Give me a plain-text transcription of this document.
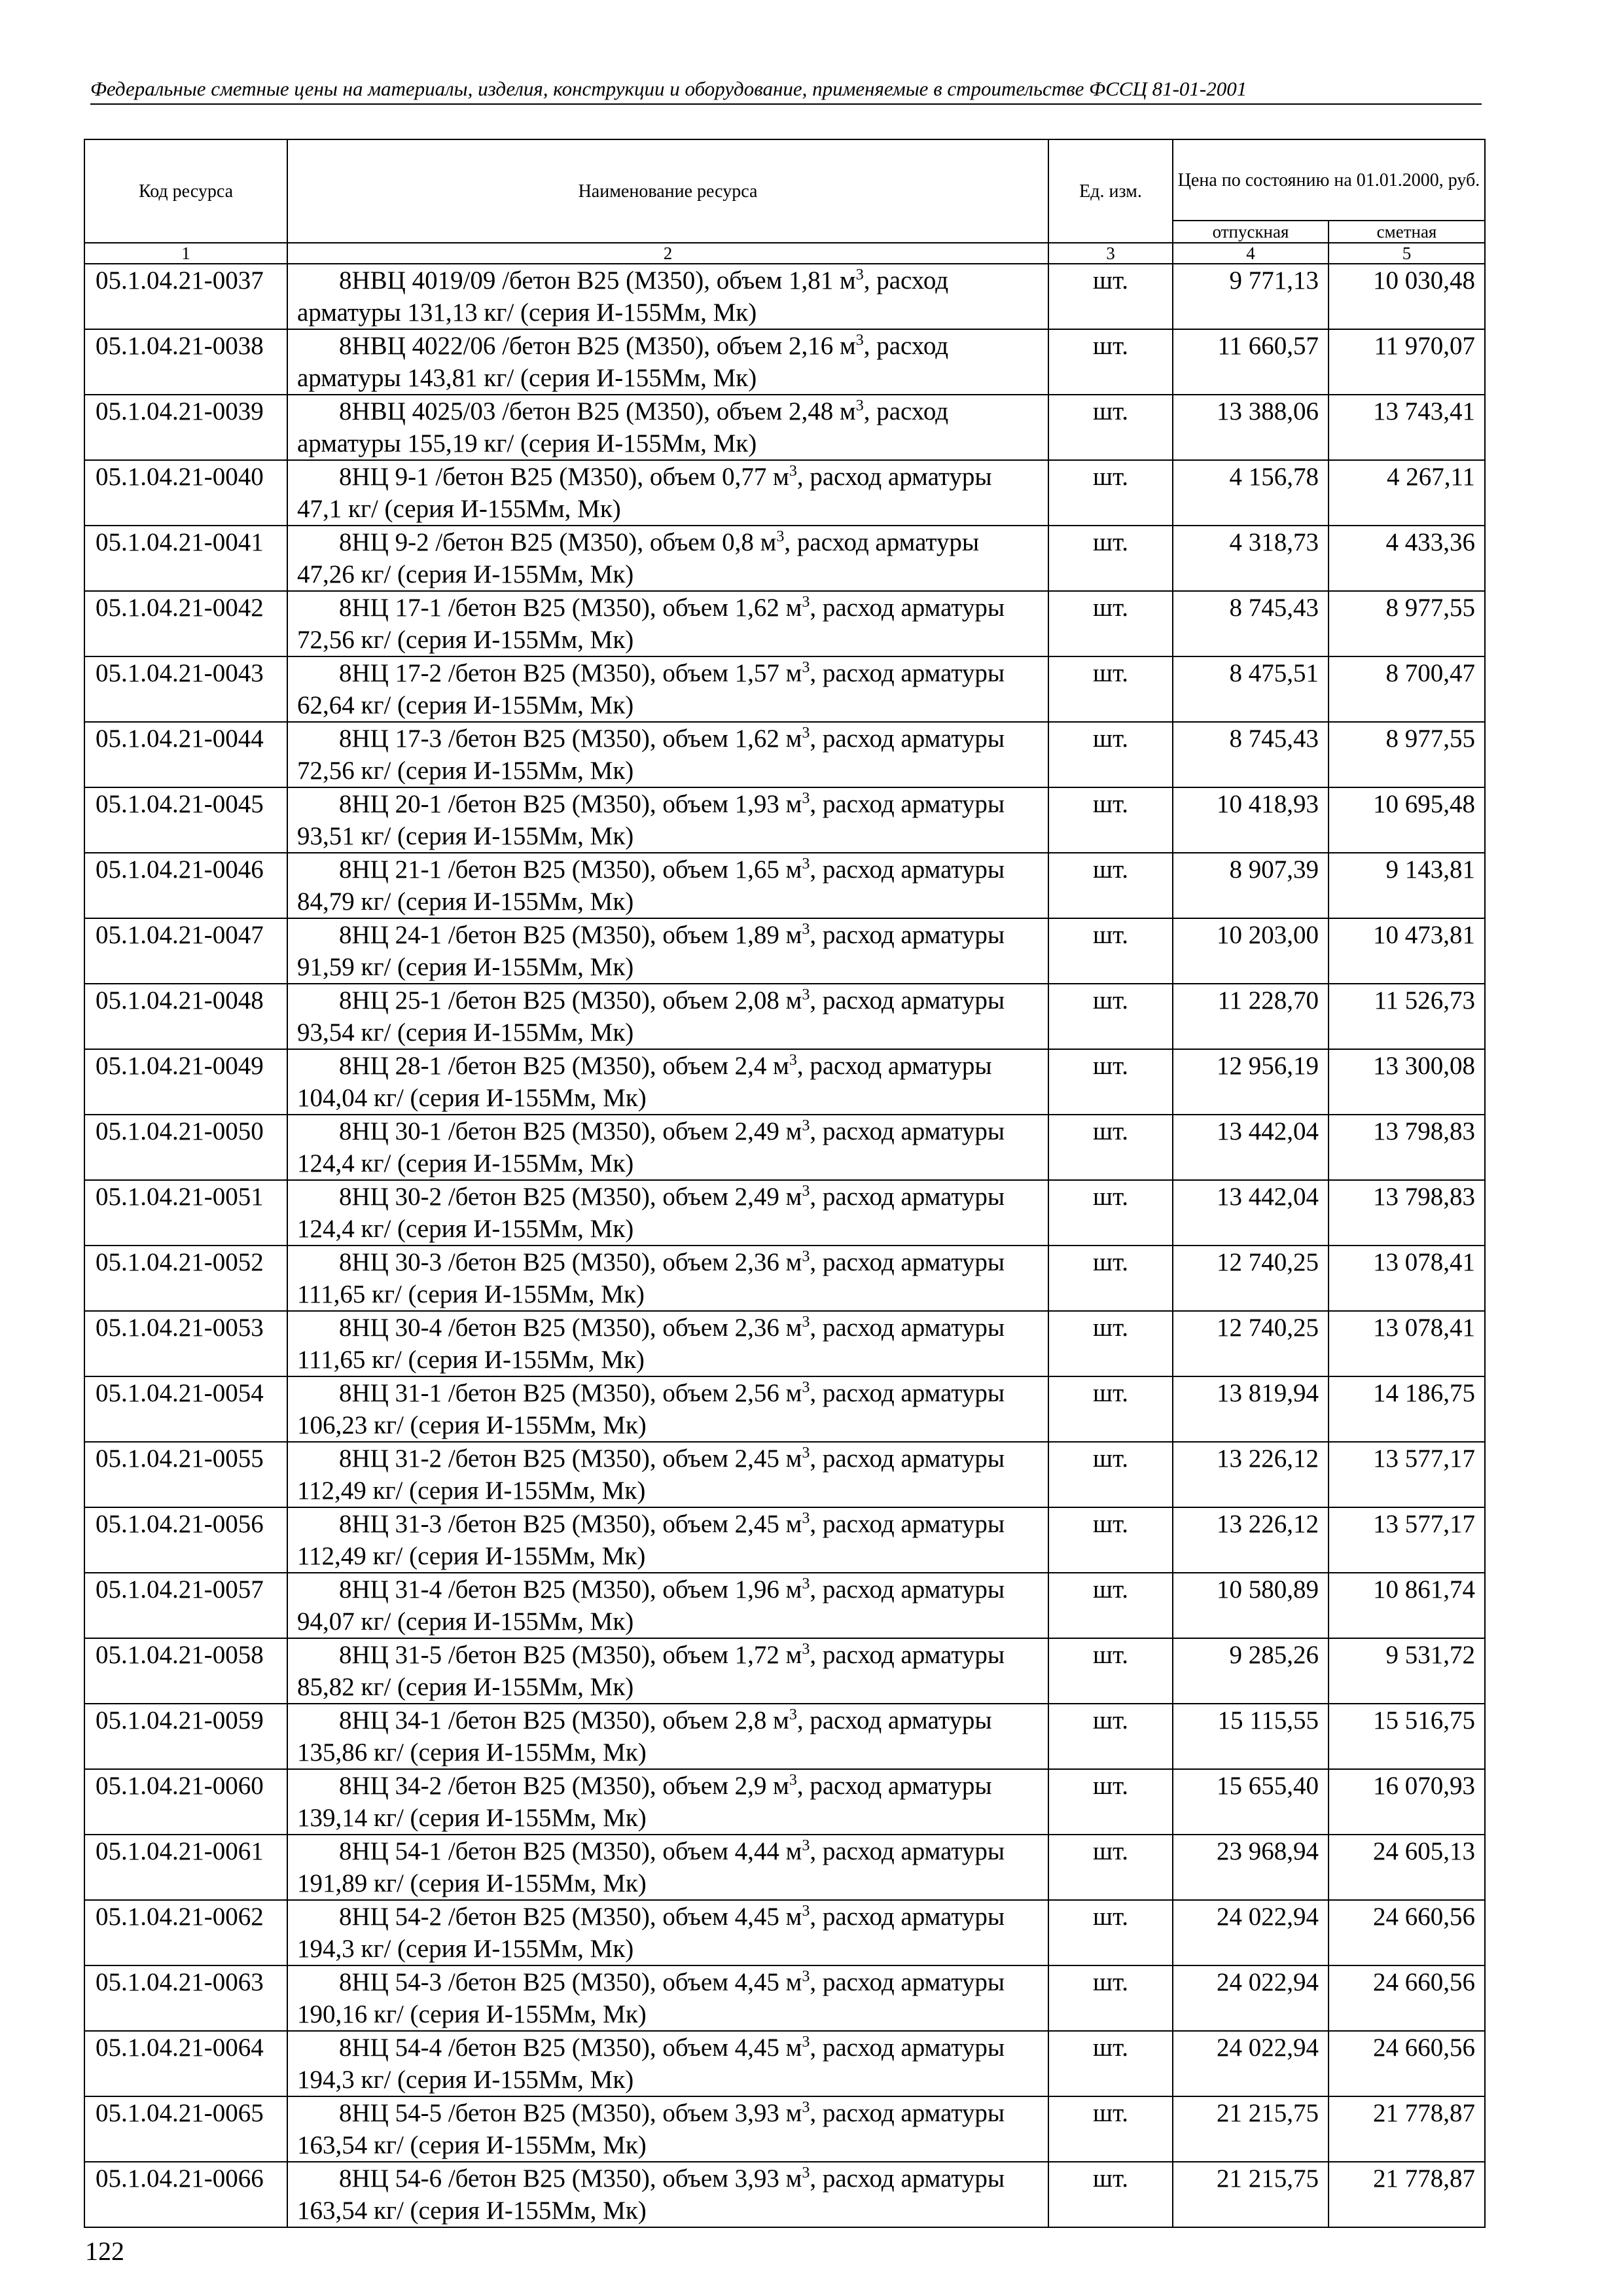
Федеральные сметные цены на материалы, изделия, конструкции и оборудование, применяемые в строительстве ФССЦ 81-01-2001
Код ресурса	Наименование ресурса	Ед. изм.	Цена по состоянию на 01.01.2000, руб.	
			отпускная	сметная
1	2	3	4	5
05.1.04.21-0037	8НВЦ 4019/09 /бетон В25 (М350), объем 1,81 $м^3$, расход арматуры 131,13 кг/ (серия И-155Мм, Мк)	шт.	9 771,13	10 030,48
05.1.04.21-0038	8НВЦ 4022/06 /бетон В25 (М350), объем 2,16 $м^3$, расход арматуры 143,81 кг/ (серия И-155Мм, Мк)	шт.	11 660,57	11 970,07
05.1.04.21-0039	8НВЦ 4025/03 /бетон В25 (М350), объем 2,48 $м^3$, расход арматуры 155,19 кг/ (серия И-155Мм, Мк)	шт.	13 388,06	13 743,41
05.1.04.21-0040	8НЦ 9-1 /бетон В25 (М350), объем 0,77 $м^3$, расход арматуры 47,1 кг/ (серия И-155Мм, Мк)	шт.	4 156,78	4 267,11
05.1.04.21-0041	8НЦ 9-2 /бетон В25 (М350), объем 0,8 $м^3$, расход арматуры 47,26 кг/ (серия И-155Мм, Мк)	шт.	4 318,73	4 433,36
05.1.04.21-0042	8НЦ 17-1 /бетон В25 (М350), объем 1,62 $м^3$, расход арматуры 72,56 кг/ (серия И-155Мм, Мк)	шт.	8 745,43	8 977,55
05.1.04.21-0043	8НЦ 17-2 /бетон В25 (М350), объем 1,57 $м^3$, расход арматуры 62,64 кг/ (серия И-155Мм, Мк)	шт.	8 475,51	8 700,47
05.1.04.21-0044	8НЦ 17-3 /бетон В25 (М350), объем 1,62 $м^3$, расход арматуры 72,56 кг/ (серия И-155Мм, Мк)	шт.	8 745,43	8 977,55
05.1.04.21-0045	8НЦ 20-1 /бетон В25 (М350), объем 1,93 $м^3$, расход арматуры 93,51 кг/ (серия И-155Мм, Мк)	шт.	10 418,93	10 695,48
05.1.04.21-0046	8НЦ 21-1 /бетон В25 (М350), объем 1,65 $м^3$, расход арматуры 84,79 кг/ (серия И-155Мм, Мк)	шт.	8 907,39	9 143,81
05.1.04.21-0047	8НЦ 24-1 /бетон В25 (М350), объем 1,89 $м^3$, расход арматуры 91,59 кг/ (серия И-155Мм, Мк)	шт.	10 203,00	10 473,81
05.1.04.21-0048	8НЦ 25-1 /бетон В25 (М350), объем 2,08 $м^3$, расход арматуры 93,54 кг/ (серия И-155Мм, Мк)	шт.	11 228,70	11 526,73
05.1.04.21-0049	8НЦ 28-1 /бетон В25 (М350), объем 2,4 $м^3$, расход арматуры 104,04 кг/ (серия И-155Мм, Мк)	шт.	12 956,19	13 300,08
05.1.04.21-0050	8НЦ 30-1 /бетон В25 (М350), объем 2,49 $м^3$, расход арматуры 124,4 кг/ (серия И-155Мм, Мк)	шт.	13 442,04	13 798,83
05.1.04.21-0051	8НЦ 30-2 /бетон В25 (М350), объем 2,49 $м^3$, расход арматуры 124,4 кг/ (серия И-155Мм, Мк)	шт.	13 442,04	13 798,83
05.1.04.21-0052	8НЦ 30-3 /бетон В25 (М350), объем 2,36 $м^3$, расход арматуры 111,65 кг/ (серия И-155Мм, Мк)	шт.	12 740,25	13 078,41
05.1.04.21-0053	8НЦ 30-4 /бетон В25 (М350), объем 2,36 $м^3$, расход арматуры 111,65 кг/ (серия И-155Мм, Мк)	шт.	12 740,25	13 078,41
05.1.04.21-0054	8НЦ 31-1 /бетон В25 (М350), объем 2,56 $м^3$, расход арматуры 106,23 кг/ (серия И-155Мм, Мк)	шт.	13 819,94	14 186,75
05.1.04.21-0055	8НЦ 31-2 /бетон В25 (М350), объем 2,45 $м^3$, расход арматуры 112,49 кг/ (серия И-155Мм, Мк)	шт.	13 226,12	13 577,17
05.1.04.21-0056	8НЦ 31-3 /бетон В25 (М350), объем 2,45 $м^3$, расход арматуры 112,49 кг/ (серия И-155Мм, Мк)	шт.	13 226,12	13 577,17
05.1.04.21-0057	8НЦ 31-4 /бетон В25 (М350), объем 1,96 $м^3$, расход арматуры 94,07 кг/ (серия И-155Мм, Мк)	шт.	10 580,89	10 861,74
05.1.04.21-0058	8НЦ 31-5 /бетон В25 (М350), объем 1,72 $м^3$, расход арматуры 85,82 кг/ (серия И-155Мм, Мк)	шт.	9 285,26	9 531,72
05.1.04.21-0059	8НЦ 34-1 /бетон В25 (М350), объем 2,8 $м^3$, расход арматуры 135,86 кг/ (серия И-155Мм, Мк)	шт.	15 115,55	15 516,75
05.1.04.21-0060	8НЦ 34-2 /бетон В25 (М350), объем 2,9 $м^3$, расход арматуры 139,14 кг/ (серия И-155Мм, Мк)	шт.	15 655,40	16 070,93
05.1.04.21-0061	8НЦ 54-1 /бетон В25 (М350), объем 4,44 $м^3$, расход арматуры 191,89 кг/ (серия И-155Мм, Мк)	шт.	23 968,94	24 605,13
05.1.04.21-0062	8НЦ 54-2 /бетон В25 (М350), объем 4,45 $м^3$, расход арматуры 194,3 кг/ (серия И-155Мм, Мк)	шт.	24 022,94	24 660,56
05.1.04.21-0063	8НЦ 54-3 /бетон В25 (М350), объем 4,45 $м^3$, расход арматуры 190,16 кг/ (серия И-155Мм, Мк)	шт.	24 022,94	24 660,56
05.1.04.21-0064	8НЦ 54-4 /бетон В25 (М350), объем 4,45 $м^3$, расход арматуры 194,3 кг/ (серия И-155Мм, Мк)	шт.	24 022,94	24 660,56
05.1.04.21-0065	8НЦ 54-5 /бетон В25 (М350), объем 3,93 $м^3$, расход арматуры 163,54 кг/ (серия И-155Мм, Мк)	шт.	21 215,75	21 778,87
05.1.04.21-0066	8НЦ 54-6 /бетон В25 (М350), объем 3,93 $м^3$, расход арматуры 163,54 кг/ (серия И-155Мм, Мк)	шт.	21 215,75	21 778,87
122
